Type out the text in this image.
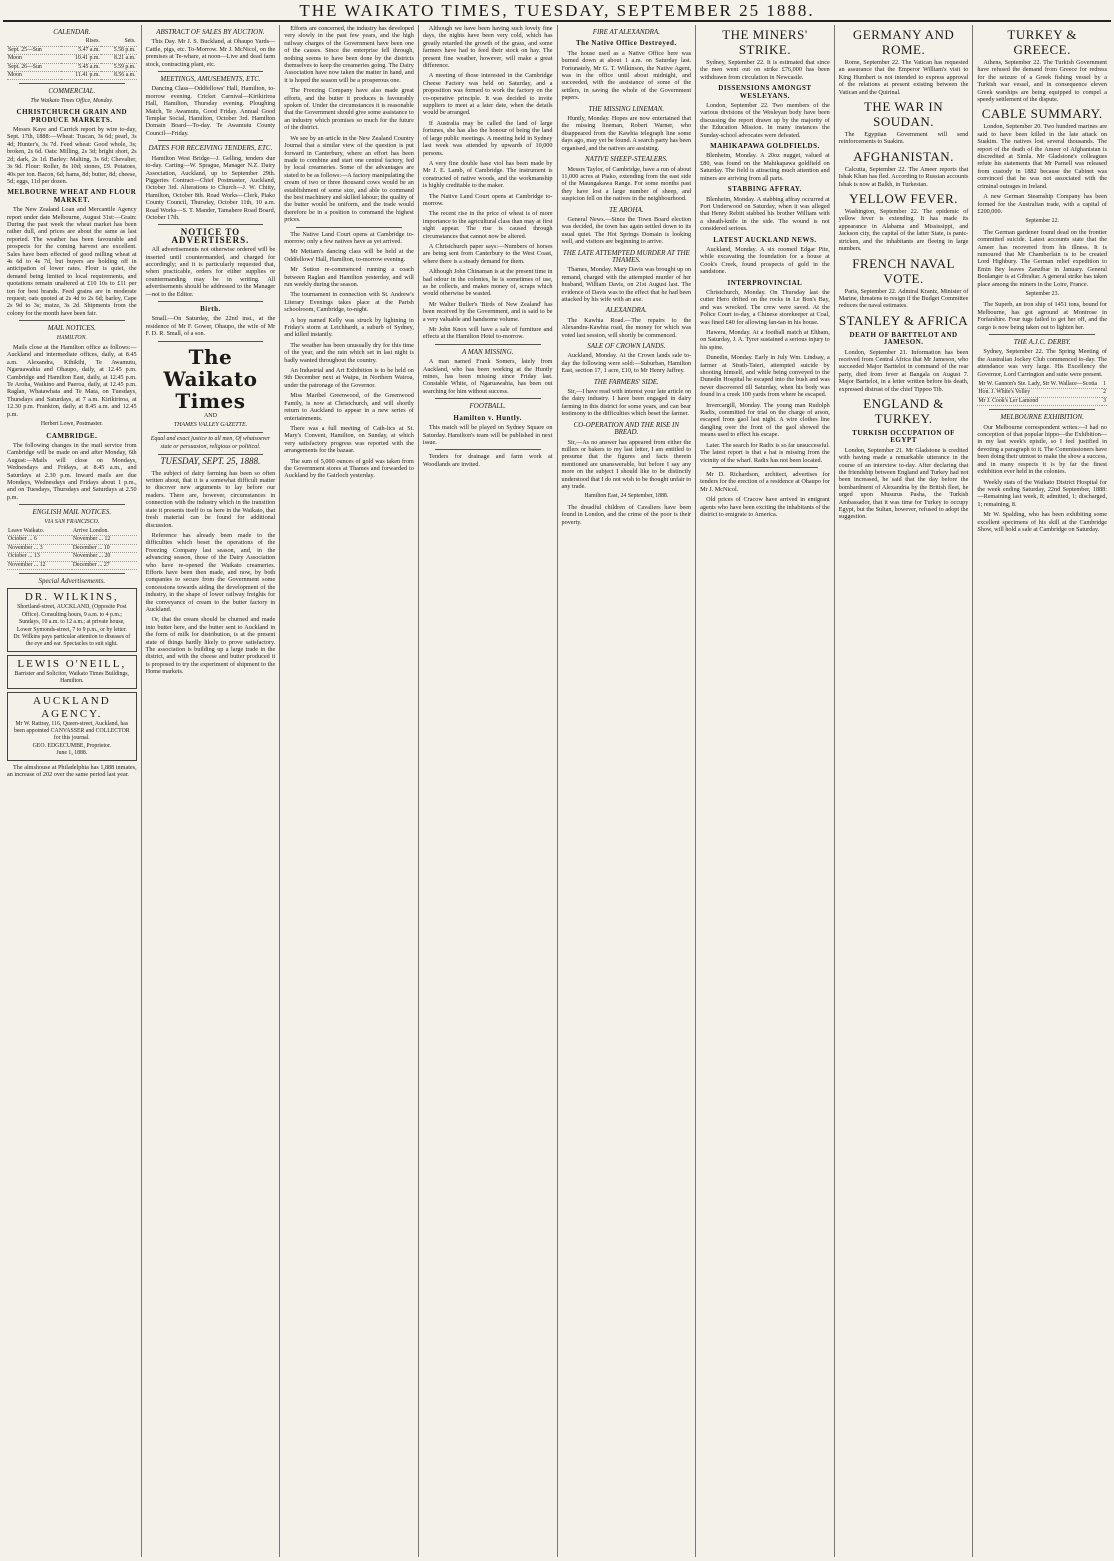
THE WAIKATO TIMES, TUESDAY, SEPTEMBER 25 1888.
CALENDAR.
	Rises.	Sets.
Sept. 25—Sun	5.47 a.m.	5.58 p.m.
Moon	10.41 p.m.	8.21 a.m.
Sept. 26—Sun	5.45 a.m.	5.59 p.m.
Moon	11.41 p.m.	8.56 a.m.
COMMERCIAL.
The Waikato Times Office, Monday.
CHRISTCHURCH GRAIN AND PRODUCE MARKETS.

Messrs Kaye and Carrick report by wire to-day, Sept. 17th, 1888:—Wheat: Tuscan, 3s 6d; pearl, 3s 4d; Hunter's, 3s 7d. Feed wheat: Good whole, 3s; broken, 2s 6d. Oats: Milling, 2s 3d; bright short, 2s 2d; dark, 2s 1d. Barley: Malting, 3s 6d; Chevalier, 3s 9d. Flour: Roller, 8s 10d; stones, £9. Potatoes, 40s per ton. Bacon, 6d; hams, 8d; butter, 8d; cheese, 5d; eggs, 11d per dozen.

MELBOURNE WHEAT AND FLOUR MARKET.

The New Zealand Loan and Mercantile Agency report under date Melbourne, August 31st:—Grain: During the past week the wheat market has been rather dull, and prices are about the same as last reported. The weather has been favourable and prospects for the coming harvest are excellent. Sales have been effected of good milling wheat at 4s 6d to 4s 7d, but buyers are holding off in anticipation of lower rates. Flour is quiet, the demand being limited to local requirements, and quotations remain unaltered at £10 10s to £11 per ton for best brands. Feed grains are in moderate request; oats quoted at 2s 4d to 2s 6d; barley, Cape 2s 9d to 3s; maize, 3s 2d. Shipments from the colony for the month have been fair.

MAIL NOTICES.
HAMILTON.

Mails close at the Hamilton office as follows:—Auckland and intermediate offices, daily, at 8.45 a.m. Alexandra, Kihikihi, Te Awamutu, Ngaruawahia and Ohaupo, daily, at 12.45 p.m. Cambridge and Hamilton East, daily, at 12.45 p.m. Te Aroha, Waikino and Paeroa, daily, at 12.45 p.m. Raglan, Whatawhata and Te Mata, on Tuesdays, Thursdays and Saturdays, at 7 a.m. Kirikiriroa, at 12.30 p.m. Frankton, daily, at 8.45 a.m. and 12.45 p.m.

Herbert Lowe, Postmaster.

CAMBRIDGE.

The following changes in the mail service from Cambridge will be made on and after Monday, 6th August:—Mails will close on Mondays, Wednesdays and Fridays, at 8.45 a.m., and Saturdays at 2.30 p.m. Inward mails are due Mondays, Wednesdays and Fridays about 1 p.m., and on Tuesdays, Thursdays and Saturdays at 2.50 p.m.

ENGLISH MAIL NOTICES.
VIA SAN FRANCISCO.
Leave Waikato.	Arrive London.
October ... 6	November ... 12
November ... 3	December ... 10
October ... 13	November ... 20
November ... 12	December ... 27
Special Advertisements.
DR. WILKINS,
Shortland-street, AUCKLAND, (Opposite Post Office). Consulting hours, 9 a.m. to 4 p.m.; Sundays, 10 a.m. to 12 a.m.; at private house, Lower Symonds-street, 7 to 9 p.m., or by letter.
Dr. Wilkins pays particular attention to diseases of the eye and ear. Spectacles to suit sight.
LEWIS O'NEILL,
Barrister and Solicitor, Waikato Times Buildings, Hamilton.
AUCKLAND AGENCY.
Mr W. Rattray, 116, Queen-street, Auckland, has been appointed CANVASSER and COLLECTOR for this journal.
GEO. EDGECUMBE, Proprietor.
June 1, 1888.

The almshouse at Philadelphia has 1,888 inmates, an increase of 202 over the same period last year.

ABSTRACT OF SALES BY AUCTION.

This Day. Mr J. S. Buckland, at Ohaupo Yards—Cattle, pigs, etc. To-Morrow. Mr J. McNicol, on the premises at Te-whare, at noon—Live and dead farm stock, contracting plant, etc.

MEETINGS, AMUSEMENTS, ETC.

Dancing Class—Oddfellows' Hall, Hamilton, to-morrow evening. Cricket Carnival—Kirikiriroa Hall, Hamilton, Thursday evening. Ploughing Match, Te Awamutu, Good Friday. Annual Good Templar Social, Hamilton, October 3rd. Hamilton Domain Board—To-day. Te Awamutu County Council—Friday.

DATES FOR RECEIVING TENDERS, ETC.

Hamilton West Bridge—J. Gelling, tenders due to-day. Carting—W. Sprague, Manager N.Z. Dairy Association, Auckland, up to September 29th. Piggeries Contract—Chief Postmaster, Auckland, October 3rd. Alterations to Church—J. W. Chitty, Hamilton, October 8th. Road Works—Clerk, Piako County Council, Thursday, October 11th, 10 a.m. Road Works—S. T. Mander, Tamahere Road Board, October 17th.

NOTICE TO ADVERTISERS.

All advertisements not otherwise ordered will be inserted until countermanded, and charged for accordingly; and it is particularly requested that, when practicable, orders for either supplies or countermanding may be in writing. All advertisements should be addressed to the Manager—not to the Editor.

Birth.

Small.—On Saturday, the 22nd inst., at the residence of Mr F. Gower, Ohaupo, the wife of Mr F. D. R. Small, of a son.

The Waikato Times
AND
THAMES VALLEY GAZETTE.
Equal and exact justice to all men, Of whatsoever state or persuasion, religious or political.
TUESDAY, SEPT. 25, 1888.

The subject of dairy farming has been so often written about, that it is a somewhat difficult matter to discover new arguments to lay before our readers. There are, however, circumstances in connection with the industry which in the transition state it presents itself to us here in the Waikato, that fresh material can be found for additional discussion.

Reference has already been made to the difficulties which beset the operations of the Freezing Company last season, and, in the advancing season, those of the Dairy Association who have re-opened the Waikato creameries. Efforts have been then made, and now, by both companies to secure from the Government some concessions towards aiding the development of the industry, in the shape of lower railway freights for the conveyance of cream to the butter factory in Auckland.

Or, that the cream should be churned and made into butter here, and the butter sent to Auckland in the form of milk for distribution, is at the present state of things hardly likely to prove satisfactory. The association is building up a large trade in the district, and with the cheese and butter produced it is proposed to try the experiment of shipment to the Home markets.

Efforts are concerned, the industry has developed very slowly in the past few years, and the high railway charges of the Government have been one of the causes. Since the enterprise fell through, nothing seems to have been done by the districts themselves to keep the creameries going. The Dairy Association have now taken the matter in hand, and it is hoped the season will be a prosperous one.

The Freezing Company have also made great efforts, and the butter it produces is favourably spoken of. Under the circumstances it is reasonable that the Government should give some assistance to an industry which promises so much for the future of the district.

We see by an article in the New Zealand Country Journal that a similar view of the question is put forward in Canterbury, where an effort has been made to combine and start one central factory, fed by local creameries. Some of the advantages are stated to be as follows:—A factory manipulating the cream of two or three thousand cows would be an establishment of some size, and able to command the best machinery and skilled labour; the quality of the butter would be uniform, and the trade would therefore be in a position to command the highest prices.

The Native Land Court opens at Cambridge to-morrow; only a few natives have as yet arrived.

Mr Mettam's dancing class will be held at the Oddfellows' Hall, Hamilton, to-morrow evening.

Mr Sutton re-commenced running a coach between Raglan and Hamilton yesterday, and will run weekly during the season.

The tournament in connection with St. Andrew's Literary Evenings takes place at the Parish schoolroom, Cambridge, to-night.

A boy named Kelly was struck by lightning in Friday's storm at Leichhardt, a suburb of Sydney, and killed instantly.

The weather has been unusually dry for this time of the year, and the rain which set in last night is badly wanted throughout the country.

An Industrial and Art Exhibition is to be held on 9th December next at Waipu, in Northern Wairoa, under the patronage of the Governor.

Miss Maribel Greenwood, of the Greenwood Family, is now at Christchurch, and will shortly return to Auckland to appear in a new series of entertainments.

There was a full meeting of Cath-lics at St. Mary's Convent, Hamilton, on Sunday, at which very satisfactory progress was reported with the arrangements for the bazaar.

The sum of 5,000 ounces of gold was taken from the Government stores at Thames and forwarded to Auckland by the Gairloch yesterday.

Although we have been having such lovely fine days, the nights have been very cold, which has greatly retarded the growth of the grass, and some farmers have had to feed their stock on hay. The present fine weather, however, will make a great difference.

A meeting of those interested in the Cambridge Cheese Factory was held on Saturday, and a proposition was formed to work the factory on the co-operative principle. It was decided to invite suppliers to meet at a later date, when the details would be arranged.

If Australia may be called the land of large fortunes, she has also the honour of being the land of large public meetings. A meeting held in Sydney last week was attended by upwards of 10,000 persons.

A very fine double base viol has been made by Mr J. E. Lamb, of Cambridge. The instrument is constructed of native woods, and the workmanship is highly creditable to the maker.

The Native Land Court opens at Cambridge to-morrow.

The recent rise in the price of wheat is of more importance to the agricultural class than may at first sight appear. The rise is caused through circumstances that cannot now be altered.

A Christchurch paper says:—Numbers of horses are being sent from Canterbury to the West Coast, where there is a steady demand for them.

Although John Chinaman is at the present time in bad odour in the colonies, he is sometimes of use, as he collects, and makes money of, scraps which would otherwise be wasted.

Mr Walter Buller's 'Birds of New Zealand' has been received by the Government, and is said to be a very valuable and handsome volume.

Mr John Knox will have a sale of furniture and effects at the Hamilton Hotel to-morrow.

A MAN MISSING.

A man named Frank Somers, lately from Auckland, who has been working at the Huntly mines, has been missing since Friday last. Constable White, of Ngaruawahia, has been out searching for him without success.

FOOTBALL.
Hamilton v. Huntly.

This match will be played on Sydney Square on Saturday. Hamilton's team will be published in next issue.

Tenders for drainage and farm work at Woodlands are invited.

FIRE AT ALEXANDRA.
The Native Office Destroyed.

The house used as a Native Office here was burned down at about 1 a.m. on Saturday last. Fortunately, Mr G. T. Wilkinson, the Native Agent, was in the office until about midnight, and succeeded, with the assistance of some of the settlers, in saving the whole of the Government papers.

THE MISSING LINEMAN.

Huntly, Monday. Hopes are now entertained that the missing lineman, Robert Warner, who disappeared from the Kawhia telegraph line some days ago, may yet be found. A search party has been organised, and the natives are assisting.

NATIVE SHEEP-STEALERS.

Messrs Taylor, of Cambridge, have a run of about 11,000 acres at Piako, extending from the east side of the Maungakawa Range. For some months past they have lost a large number of sheep, and suspicion fell on the natives in the neighbourhood.

TE AROHA.

General News.—Since the Town Board election was decided, the town has again settled down to its usual quiet. The Hot Springs Domain is looking well, and visitors are beginning to arrive.

THE LATE ATTEMPTED MURDER AT THE THAMES.

Thames, Monday. Mary Davis was brought up on remand, charged with the attempted murder of her husband, William Davis, on 21st August last. The evidence of Davis was to the effect that he had been attacked by his wife with an axe.

ALEXANDRA.

The Kawhia Road.—The repairs to the Alexandra-Kawhia road, the money for which was voted last session, will shortly be commenced.

SALE OF CROWN LANDS.

Auckland, Monday. At the Crown lands sale to-day the following were sold:—Suburban, Hamilton East, section 17, 1 acre, £10, to Mr Henry Jaffrey.

THE FARMERS' SIDE.

Sir,—I have read with interest your late article on the dairy industry. I have been engaged in dairy farming in this district for some years, and can bear testimony to the difficulties which beset the farmer.

CO-OPERATION AND THE RISE IN BREAD.

Sir,—As no answer has appeared from either the millers or bakers to my last letter, I am entitled to presume that the figures and facts therein mentioned are unanswerable, but before I say any more on the subject I should like to be distinctly understood that I do not wish to be thought unfair to any trade.

Hamilton East, 24 September, 1888.

The dreadful children of Cavaliers have been found in London, and the crime of the poor is their poverty.

THE MINERS' STRIKE.

Sydney, September 22. It is estimated that since the men went out on strike £76,000 has been withdrawn from circulation in Newcastle.

DISSENSIONS AMONGST WESLEYANS.

London, September 22. Two members of the various divisions of the Wesleyan body have been discussing the report drawn up by the majority of the Education Mission. In many instances the Sunday-school advocates were defeated.

MAHIKAPAWA GOLDFIELDS.

Blenheim, Monday. A 20oz nugget, valued at £80, was found on the Mahikapawa goldfield on Saturday. The field is attracting much attention and miners are arriving from all parts.

STABBING AFFRAY.

Blenheim, Monday. A stabbing affray occurred at Port Underwood on Saturday, when it was alleged that Henry Rebitt stabbed his brother William with a sheath-knife in the side. The wound is not considered serious.

LATEST AUCKLAND NEWS.

Auckland, Monday. A six roomed Edgar Pite, while excavating the foundation for a house at Cook's Creek, found prospects of gold in the sandstone.

INTERPROVINCIAL

Christchurch, Monday. On Thursday last the cutter Hero drifted on the rocks in Le Bon's Bay, and was wrecked. The crew were saved. At the Police Court to-day, a Chinese storekeeper at Coal, was fined £40 for allowing fan-tan in his house.

Hawera, Monday. At a football match at Eltham, on Saturday, J. A. Tyrer sustained a serious injury to his spine.

Dunedin, Monday. Early in July Wm. Lindsay, a farmer at Strath-Taieri, attempted suicide by shooting himself, and while being conveyed to the Dunedin Hospital he escaped into the bush and was never discovered till Saturday, when his body was found in a creek 100 yards from where he escaped.

Invercargill, Monday. The young man Rudolph Radix, committed for trial on the charge of arson, escaped from gaol last night. A wire clothes line dangling over the front of the gaol showed the means used to effect his escape.

Later. The search for Radix is so far unsuccessful. The latest report is that a hat is missing from the vicinity of the wharf. Radix has not been located.

Mr D. Richardson, architect, advertises for tenders for the erection of a residence at Ohaupo for Mr J. McNicol.

Old prices of Cracow have arrived in emigrant agents who have been exciting the inhabitants of the district to emigrate to America.

GERMANY AND ROME.

Rome, September 22. The Vatican has requested an assurance that the Emperor William's visit to King Humbert is not intended to express approval of the relations at present existing between the Vatican and the Quirinal.

THE WAR IN SOUDAN.

The Egyptian Government will send reinforcements to Suakim.

AFGHANISTAN.

Calcutta, September 22. The Ameer reports that Ishak Khan has fled. According to Russian accounts Ishak is now at Balkh, in Turkestan.

YELLOW FEVER.

Washington, September 22. The epidemic of yellow fever is extending. It has made its appearance in Alabama and Mississippi, and Jackson city, the capital of the latter State, is panic-stricken, and the inhabitants are fleeing in large numbers.

FRENCH NAVAL VOTE.

Paris, September 22. Admiral Krantz, Minister of Marine, threatens to resign if the Budget Committee reduces the naval estimates.

STANLEY & AFRICA
DEATH OF BARTTELOT AND JAMESON.

London, September 21. Information has been received from Central Africa that Mr Jameson, who succeeded Major Barttelot in command of the rear party, died from fever at Bangala on August 7. Major Barttelot, in a letter written before his death, expressed distrust of the chief Tippoo Tib.

ENGLAND & TURKEY.
TURKISH OCCUPATION OF EGYPT

London, September 21. Mr Gladstone is credited with having made a remarkable utterance in the course of an interview to-day. After declaring that the friendship between England and Turkey had not been increased, he said that the day before the bombardment of Alexandria by the British fleet, he urged upon Musurus Pasha, the Turkish Ambassador, that it was time for Turkey to occupy Egypt, but the Sultan, however, refused to adopt the suggestion.

TURKEY & GREECE.

Athens, September 22. The Turkish Government have refused the demand from Greece for redress for the seizure of a Greek fishing vessel by a Turkish war vessel, and in consequence eleven Greek warships are being equipped to compel a speedy settlement of the dispute.

CABLE SUMMARY.

London, September 20. Two hundred marines are said to have been killed in the late attack on Suakim. The natives lost several thousands. The report of the death of the Ameer of Afghanistan is discredited at Simla. Mr Gladstone's colleagues refute his statements that Mr Parnell was released from custody in 1882 because the Cabinet was convinced that he was not associated with the criminal outrages in Ireland.

A new German Steamship Company has been formed for the Australian trade, with a capital of £200,000.

September 22.

The German gardener found dead on the frontier committed suicide. Latest accounts state that the Ameer has recovered from his illness. It is rumoured that Mr Chamberlain is to be created Lord Highbury. The German relief expedition to Emin Bey leaves Zanzibar in January. General Boulanger is at Gibraltar. A general strike has taken place among the miners in the Loire, France.

September 23.

The Superb, an iron ship of 1451 tons, bound for Melbourne, has got aground at Montrose in Forfarshire. Four tugs failed to get her off, and the cargo is now being taken out to lighten her.

THE A.J.C. DERBY.

Sydney, September 22. The Spring Meeting of the Australian Jockey Club commenced to-day. The attendance was very large. His Excellency the Governor, Lord Carrington and suite were present.

Mr W. Gannon's Ste. Lady, Sir W. Wallace—Scotia	1
Hon. J. White's Volley	2
Mr J. Cook's Ler Lamond	3
MELBOURNE EXHIBITION.

Our Melbourne correspondent writes:—I had no conception of that popular hippo—the Exhibition—in my last week's epistle, so I feel justified in devoting a paragraph to it. The Commissioners have been doing their utmost to make the show a success, and in many respects it is by far the finest exhibition ever held in the colonies.

Weekly stats of the Waikato District Hospital for the week ending Saturday, 22nd September, 1888:—Remaining last week, 8; admitted, 1; discharged, 1; remaining, 8.

Mr W. Spalding, who has been exhibiting some excellent specimens of his skill at the Cambridge Show, will hold a sale at Cambridge on Saturday.
